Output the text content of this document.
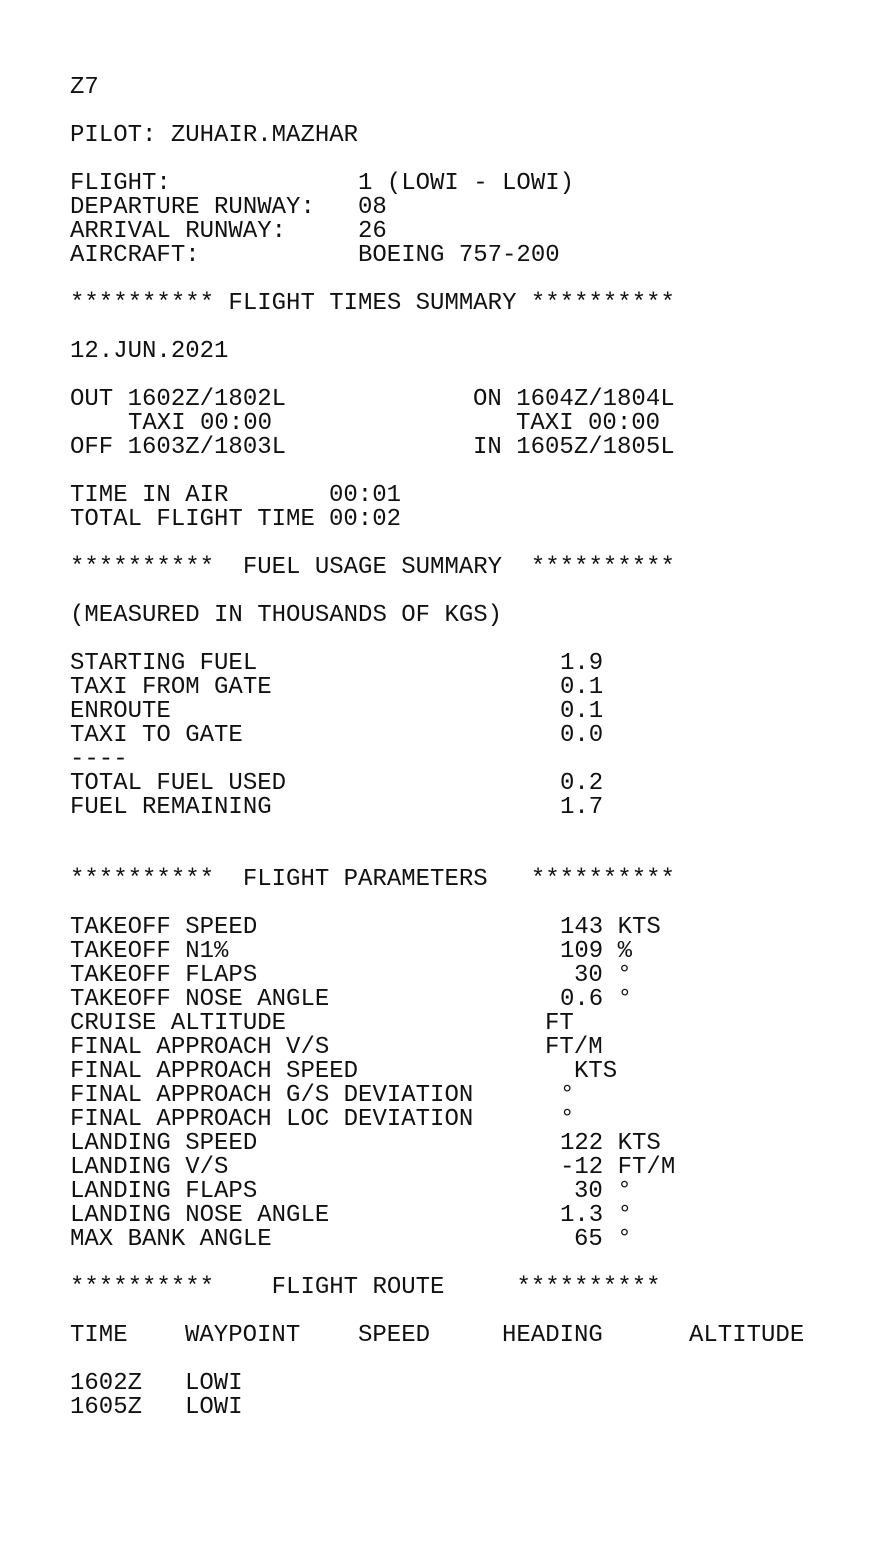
Z7
PILOT: ZUHAIR.MAZHAR
FLIGHT:	1 (LOWI - LOWI)
DEPARTURE RUNWAY: 08
ARRIVAL RUNWAY:	26
AIRCRAFT:	BOEING 757-200
********** FLIGHT TIMES SUMMARY **********
12.JUN.2021
OUT 1602Z/1802L	ON 1604Z/1804L
TAXI 00:00	TAXI 00:00
OFF 1603Z/1803L	IN 1605Z/1805L
TIME IN AIR	00:01
TOTAL FLIGHT TIME 00:02
**********  FUEL USAGE SUMMARY  **********
(MEASURED IN THOUSANDS OF KGS)
STARTING FUEL	1.9
TAXI FROM GATE	0.1
ENROUTE	0.1
TAXI TO GATE	0.0
----
TOTAL FUEL USED	0.2
FUEL REMAINING	1.7
**********  FLIGHT PARAMETERS   **********
TAKEOFF SPEED	143 KTS
TAKEOFF N1%	109 %
TAKEOFF FLAPS	30 °
TAKEOFF NOSE ANGLE	0.6 °
CRUISE ALTITUDE	FT
FINAL APPROACH V/S	FT/M
FINAL APPROACH SPEED	KTS
FINAL APPROACH G/S DEVIATION	°
FINAL APPROACH LOC DEVIATION	°
LANDING SPEED	122 KTS
LANDING V/S	-12 FT/M
LANDING FLAPS	30 °
LANDING NOSE ANGLE	1.3 °
MAX BANK ANGLE	65 °
**********    FLIGHT ROUTE     **********
TIME WAYPOINT SPEED	HEADING	ALTITUDE
1602Z LOWI
1605Z LOWI
